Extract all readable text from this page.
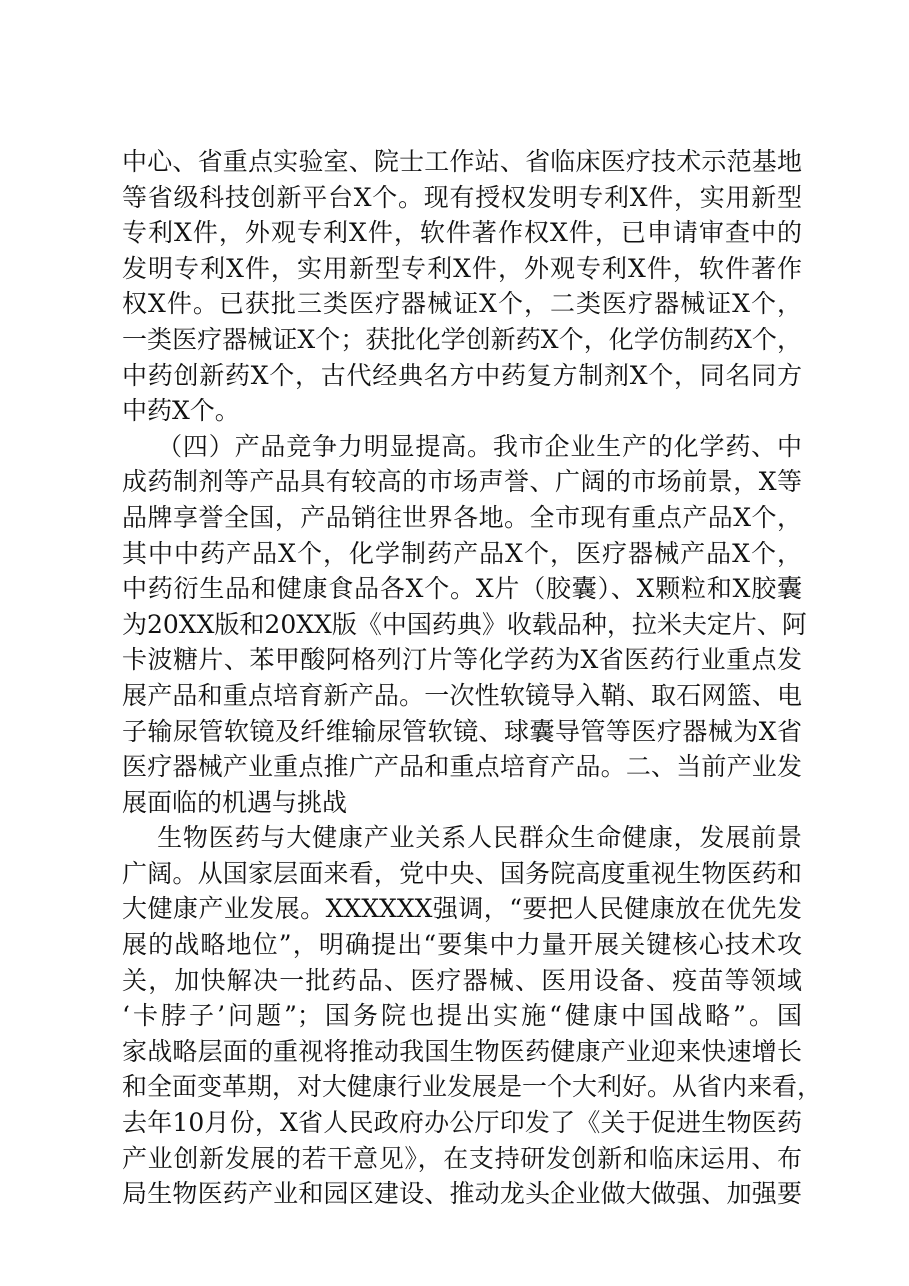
中心、省重点实验室、院士工作站、省临床医疗技术示范基地
等省级科技创新平台X个。现有授权发明专利X件，实用新型
专利X件，外观专利X件，软件著作权X件，已申请审查中的
发明专利X件，实用新型专利X件，外观专利X件，软件著作
权X件。已获批三类医疗器械证X个，二类医疗器械证X个，
一类医疗器械证X个；获批化学创新药X个，化学仿制药X个，
中药创新药X个，古代经典名方中药复方制剂X个，同名同方
中药X个。
（四）产品竞争力明显提高。我市企业生产的化学药、中
成药制剂等产品具有较高的市场声誉、广阔的市场前景，X等
品牌享誉全国，产品销往世界各地。全市现有重点产品X个，
其中中药产品X个，化学制药产品X个，医疗器械产品X个，
中药衍生品和健康食品各X个。X片（胶囊）、X颗粒和X胶囊
为20XX版和20XX版《中国药典》收载品种，拉米夫定片、阿
卡波糖片、苯甲酸阿格列汀片等化学药为X省医药行业重点发
展产品和重点培育新产品。一次性软镜导入鞘、取石网篮、电
子输尿管软镜及纤维输尿管软镜、球囊导管等医疗器械为X省
医疗器械产业重点推广产品和重点培育产品。二、当前产业发
展面临的机遇与挑战
生物医药与大健康产业关系人民群众生命健康，发展前景
广阔。从国家层面来看，党中央、国务院高度重视生物医药和
大健康产业发展。XXXXXX强调，“要把人民健康放在优先发
展的战略地位”，明确提出“要集中力量开展关键核心技术攻
关，加快解决一批药品、医疗器械、医用设备、疫苗等领域
‘卡脖子’问题”；国务院也提出实施“健康中国战略”。国
家战略层面的重视将推动我国生物医药健康产业迎来快速增长
和全面变革期，对大健康行业发展是一个大利好。从省内来看，
去年10月份，X省人民政府办公厅印发了《关于促进生物医药
产业创新发展的若干意见》，在支持研发创新和临床运用、布
局生物医药产业和园区建设、推动龙头企业做大做强、加强要
